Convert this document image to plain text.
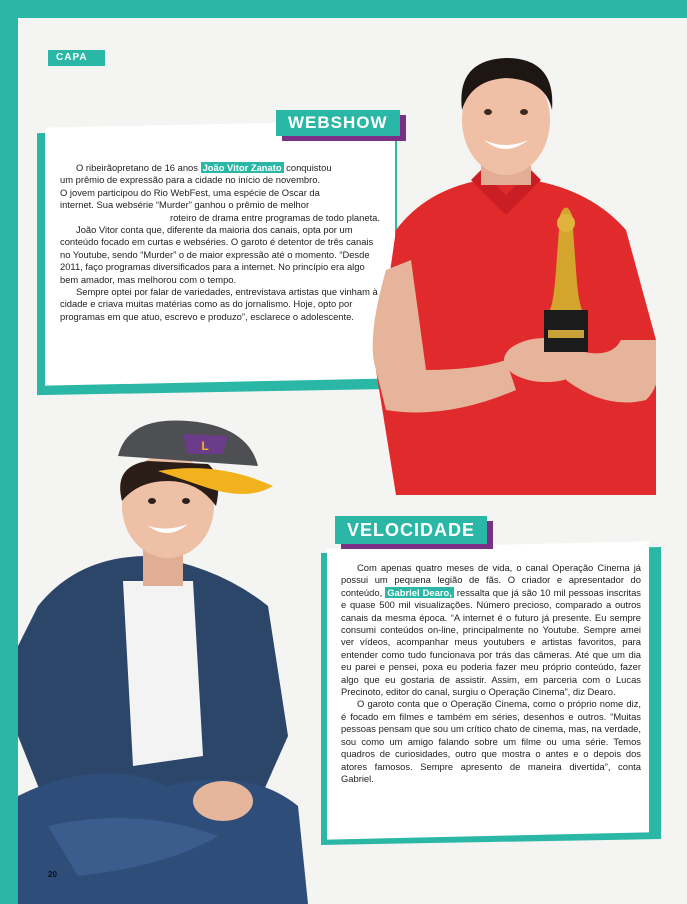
CAPA
WEBSHOW

O ribeirãopretano de 16 anos João Vitor Zanato conquistou

um prêmio de expressão para a cidade no início de novembro.

O jovem participou do Rio WebFest, uma espécie de Oscar da

internet. Sua websérie “Murder” ganhou o prêmio de melhor

roteiro de drama entre programas de todo planeta.

João Vitor conta que, diferente da maioria dos canais, opta por um conteúdo focado em curtas e webséries. O garoto é detentor de três canais no Youtube, sendo “Murder” o de maior expressão até o momento. “Desde 2011, faço programas diversificados para a internet. No princípio era algo bem amador, mas melhorou com o tempo.

Sempre optei por falar de variedades, entrevistava artistas que vinham à cidade e criava muitas matérias como as do jornalismo. Hoje, opto por programas em que atuo, escrevo e produzo”, esclarece o adolescente.

VELOCIDADE

Com apenas quatro meses de vida, o canal Operação Cinema já possui um pequena legião de fãs. O criador e apresentador do conteúdo, Gabriel Dearo, ressalta que já são 10 mil pessoas inscritas e quase 500 mil visualizações. Número precioso, comparado a outros canais da mesma época. “A internet é o futuro já presente. Eu sempre consumi conteúdos on-line, principalmente no Youtube. Sempre amei ver vídeos, acompanhar meus youtubers e artistas favoritos, para entender como tudo funcionava por trás das câmeras. Até que um dia eu parei e pensei, poxa eu poderia fazer meu próprio conteúdo, fazer algo que eu gostaria de assistir. Assim, em parceria com o Lucas Precinoto, editor do canal, surgiu o Operação Cinema”, diz Dearo.

O garoto conta que o Operação Cinema, como o próprio nome diz, é focado em filmes e também em séries, desenhos e outros. “Muitas pessoas pensam que sou um crítico chato de cinema, mas, na verdade, sou como um amigo falando sobre um filme ou uma série. Temos quadros de curiosidades, outro que mostra o antes e o depois dos atores famosos. Sempre apresento de maneira divertida”, conta Gabriel.

L
20
